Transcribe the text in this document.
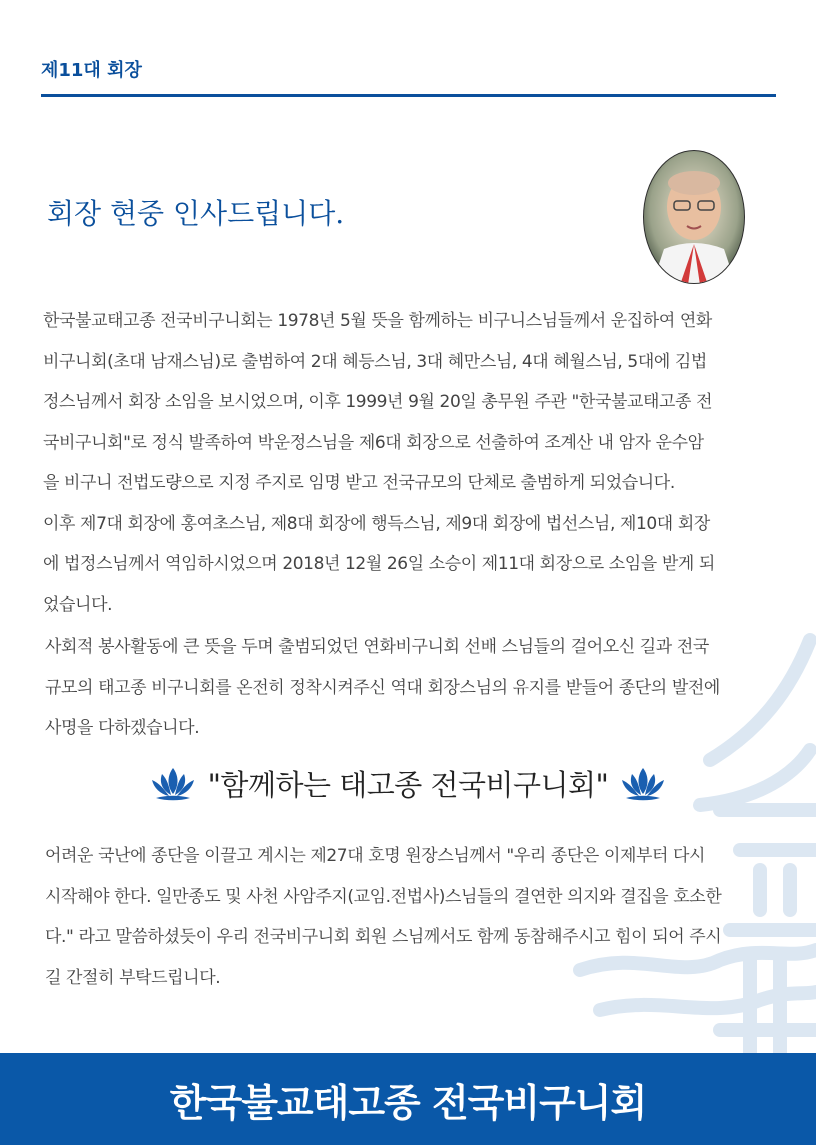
제11대 회장
회장 현중 인사드립니다.
한국불교태고종 전국비구니회는 1978년 5월 뜻을 함께하는 비구니스님들께서 운집하여 연화
비구니회(초대 남재스님)로 출범하여 2대 혜등스님, 3대 혜만스님, 4대 혜월스님, 5대에 김법
정스님께서 회장 소임을 보시었으며, 이후 1999년 9월 20일 총무원 주관 "한국불교태고종 전
국비구니회"로 정식 발족하여 박운정스님을 제6대 회장으로 선출하여 조계산 내 암자 운수암
을 비구니 전법도량으로 지정 주지로 임명 받고 전국규모의 단체로 출범하게 되었습니다.
이후 제7대 회장에 홍여초스님, 제8대 회장에 행득스님, 제9대 회장에 법선스님, 제10대 회장
에 법정스님께서 역임하시었으며 2018년 12월 26일 소승이 제11대 회장으로 소임을 받게 되
었습니다.
사회적 봉사활동에 큰 뜻을 두며 출범되었던 연화비구니회 선배 스님들의 걸어오신 길과 전국
규모의 태고종 비구니회를 온전히 정착시켜주신 역대 회장스님의 유지를 받들어 종단의 발전에
사명을 다하겠습니다.
"함께하는 태고종 전국비구니회"
어려운 국난에 종단을 이끌고 계시는 제27대 호명 원장스님께서 "우리 종단은 이제부터 다시
시작해야 한다. 일만종도 및 사천 사암주지(교임.전법사)스님들의 결연한 의지와 결집을 호소한
다." 라고 말씀하셨듯이 우리 전국비구니회 회원 스님께서도 함께 동참해주시고 힘이 되어 주시
길 간절히 부탁드립니다.
한국불교태고종 전국비구니회
